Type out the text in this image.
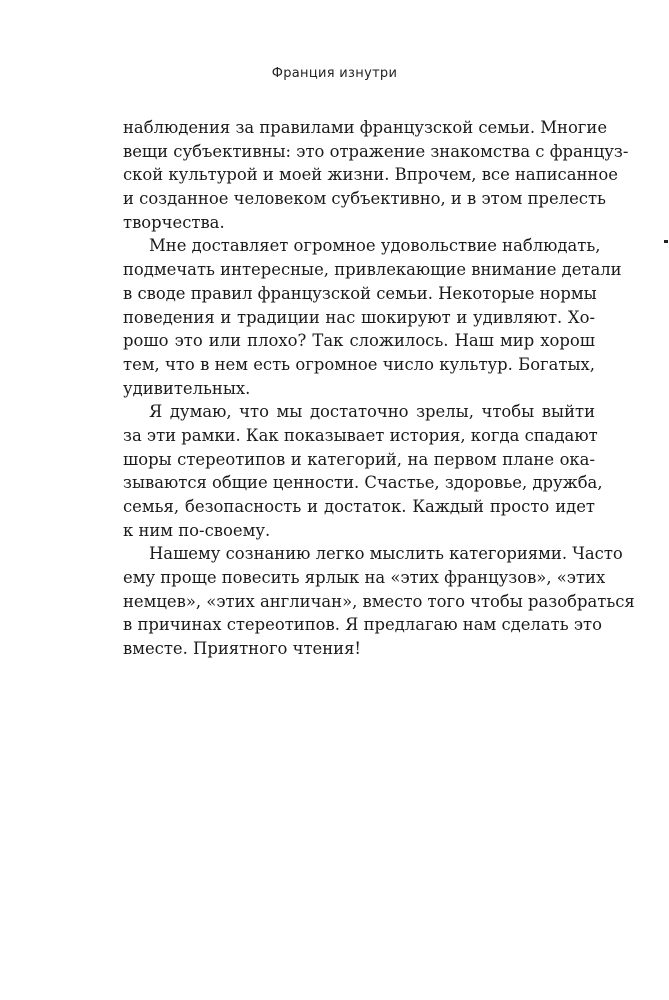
Франция изнутри
наблюдения за правилами французской семьи. Многие
вещи субъективны: это отражение знакомства с француз-
ской культурой и моей жизни. Впрочем, все написанное
и созданное человеком субъективно, и в этом прелесть
творчества.
Мне доставляет огромное удовольствие наблюдать,
подмечать интересные, привлекающие внимание детали
в своде правил французской семьи. Некоторые нормы
поведения и традиции нас шокируют и удивляют. Хо-
рошо это или плохо? Так сложилось. Наш мир хорош
тем, что в нем есть огромное число культур. Богатых,
удивительных.
Я думаю, что мы достаточно зрелы, чтобы выйти
за эти рамки. Как показывает история, когда спадают
шоры стереотипов и категорий, на первом плане ока-
зываются общие ценности. Счастье, здоровье, дружба,
семья, безопасность и достаток. Каждый просто идет
к ним по-своему.
Нашему сознанию легко мыслить категориями. Часто
ему проще повесить ярлык на «этих французов», «этих
немцев», «этих англичан», вместо того чтобы разобраться
в причинах стереотипов. Я предлагаю нам сделать это
вместе. Приятного чтения!
